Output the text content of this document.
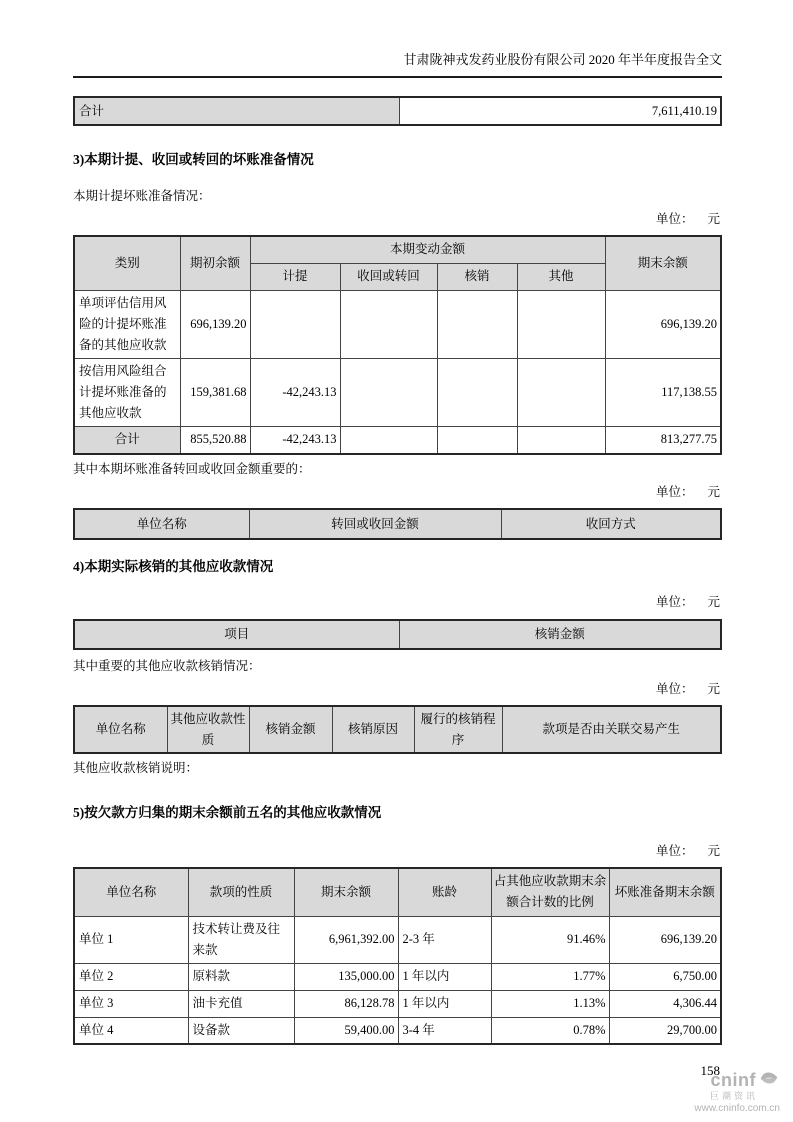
甘肃陇神戎发药业股份有限公司 2020 年半年度报告全文
合计	7,611,410.19
3)本期计提、收回或转回的坏账准备情况
本期计提坏账准备情况：
单位： 元
类别	期初余额	本期变动金额				期末余额
		计提	收回或转回	核销	其他	
单项评估信用风险的计提坏账准备的其他应收款	696,139.20					696,139.20
按信用风险组合计提坏账准备的其他应收款	159,381.68	-42,243.13				117,138.55
合计	855,520.88	-42,243.13				813,277.75
其中本期坏账准备转回或收回金额重要的：
单位： 元
单位名称	转回或收回金额	收回方式
4)本期实际核销的其他应收款情况
单位： 元
项目	核销金额
其中重要的其他应收款核销情况：
单位： 元
单位名称	其他应收款性质	核销金额	核销原因	履行的核销程序	款项是否由关联交易产生
其他应收款核销说明：
5)按欠款方归集的期末余额前五名的其他应收款情况
单位： 元
单位名称	款项的性质	期末余额	账龄	占其他应收款期末余额合计数的比例	坏账准备期末余额
单位 1	技术转让费及往来款	6,961,392.00	2-3 年	91.46%	696,139.20
单位 2	原料款	135,000.00	1 年以内	1.77%	6,750.00
单位 3	油卡充值	86,128.78	1 年以内	1.13%	4,306.44
单位 4	设备款	59,400.00	3-4 年	0.78%	29,700.00
158
cninf
巨潮资讯
www.cninfo.com.cn
